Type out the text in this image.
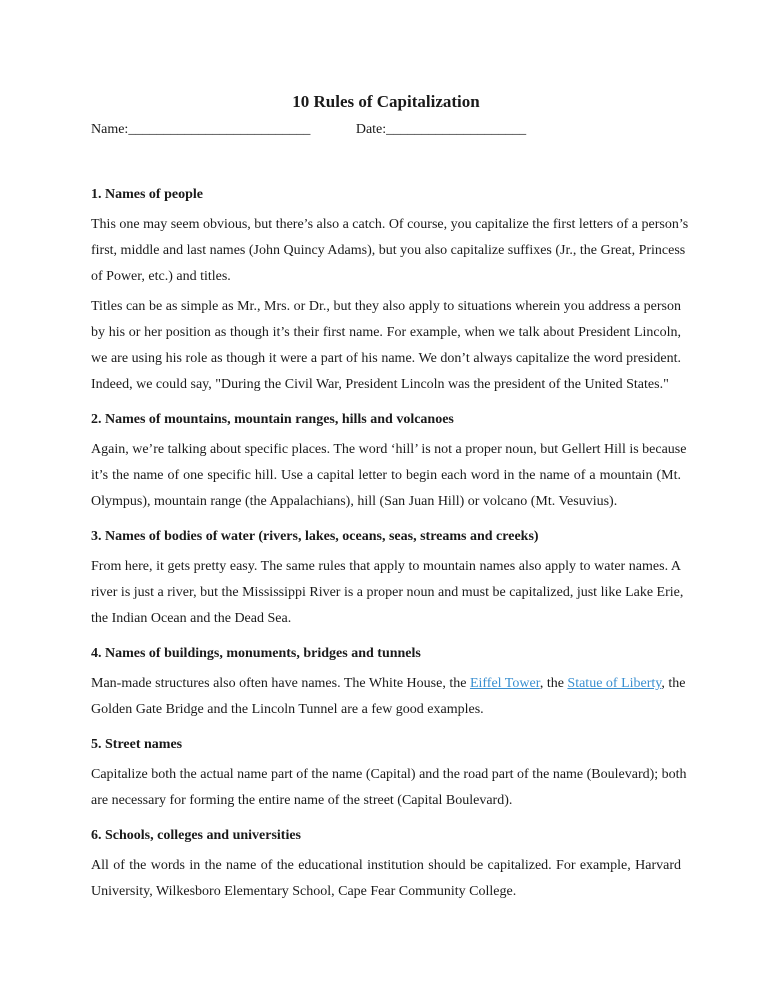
10 Rules of Capitalization
Name:__________________________	Date:____________________
1. Names of people
This one may seem obvious, but there’s also a catch. Of course, you capitalize the first letters of a person’s
first, middle and last names (John Quincy Adams), but you also capitalize suffixes (Jr., the Great, Princess
of Power, etc.) and titles.
Titles can be as simple as Mr., Mrs. or Dr., but they also apply to situations wherein you address a person
by his or her position as though it’s their first name. For example, when we talk about President Lincoln,
we are using his role as though it were a part of his name. We don’t always capitalize the word president.
Indeed, we could say, "During the Civil War, President Lincoln was the president of the United States."
2. Names of mountains, mountain ranges, hills and volcanoes
Again, we’re talking about specific places. The word ‘hill’ is not a proper noun, but Gellert Hill is because
it’s the name of one specific hill. Use a capital letter to begin each word in the name of a mountain (Mt.
Olympus), mountain range (the Appalachians), hill (San Juan Hill) or volcano (Mt. Vesuvius).
3. Names of bodies of water (rivers, lakes, oceans, seas, streams and creeks)
From here, it gets pretty easy. The same rules that apply to mountain names also apply to water names. A
river is just a river, but the Mississippi River is a proper noun and must be capitalized, just like Lake Erie,
the Indian Ocean and the Dead Sea.
4. Names of buildings, monuments, bridges and tunnels
Man-made structures also often have names. The White House, the Eiffel Tower, the Statue of Liberty, the
Golden Gate Bridge and the Lincoln Tunnel are a few good examples.
5. Street names
Capitalize both the actual name part of the name (Capital) and the road part of the name (Boulevard); both
are necessary for forming the entire name of the street (Capital Boulevard).
6. Schools, colleges and universities
All of the words in the name of the educational institution should be capitalized. For example, Harvard
University, Wilkesboro Elementary School, Cape Fear Community College.
